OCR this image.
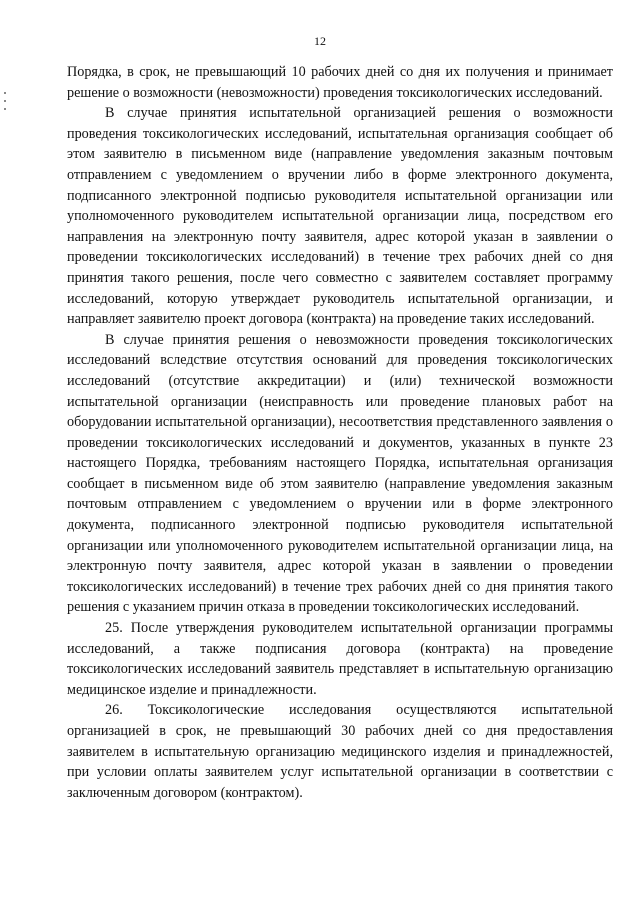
12

Порядка, в срок, не превышающий 10 рабочих дней со дня их получения и принимает решение о возможности (невозможности) проведения токсикологических исследований.

В случае принятия испытательной организацией решения о возможности проведения токсикологических исследований, испытательная организация сообщает об этом заявителю в письменном виде (направление уведомления заказным почтовым отправлением с уведомлением о вручении либо в форме электронного документа, подписанного электронной подписью руководителя испытательной организации или уполномоченного руководителем испытательной организации лица, посредством его направления на электронную почту заявителя, адрес которой указан в заявлении о проведении токсикологических исследований) в течение трех рабочих дней со дня принятия такого решения, после чего совместно с заявителем составляет программу исследований, которую утверждает руководитель испытательной организации, и направляет заявителю проект договора (контракта) на проведение таких исследований.

В случае принятия решения о невозможности проведения токсикологических исследований вследствие отсутствия оснований для проведения токсикологических исследований (отсутствие аккредитации) и (или) технической возможности испытательной организации (неисправность или проведение плановых работ на оборудовании испытательной организации), несоответствия представленного заявления о проведении токсикологических исследований и документов, указанных в пункте 23 настоящего Порядка, требованиям настоящего Порядка, испытательная организация сообщает в письменном виде об этом заявителю (направление уведомления заказным почтовым отправлением с уведомлением о вручении или в форме электронного документа, подписанного электронной подписью руководителя испытательной организации или уполномоченного руководителем испытательной организации лица, на электронную почту заявителя, адрес которой указан в заявлении о проведении токсикологических исследований) в течение трех рабочих дней со дня принятия такого решения с указанием причин отказа в проведении токсикологических исследований.

25. После утверждения руководителем испытательной организации программы исследований, а также подписания договора (контракта) на проведение токсикологических исследований заявитель представляет в испытательную организацию медицинское изделие и принадлежности.

26. Токсикологические исследования осуществляются испытательной организацией в срок, не превышающий 30 рабочих дней со дня предоставления заявителем в испытательную организацию медицинского изделия и принадлежностей, при условии оплаты заявителем услуг испытательной организации в соответствии с заключенным договором (контрактом).
